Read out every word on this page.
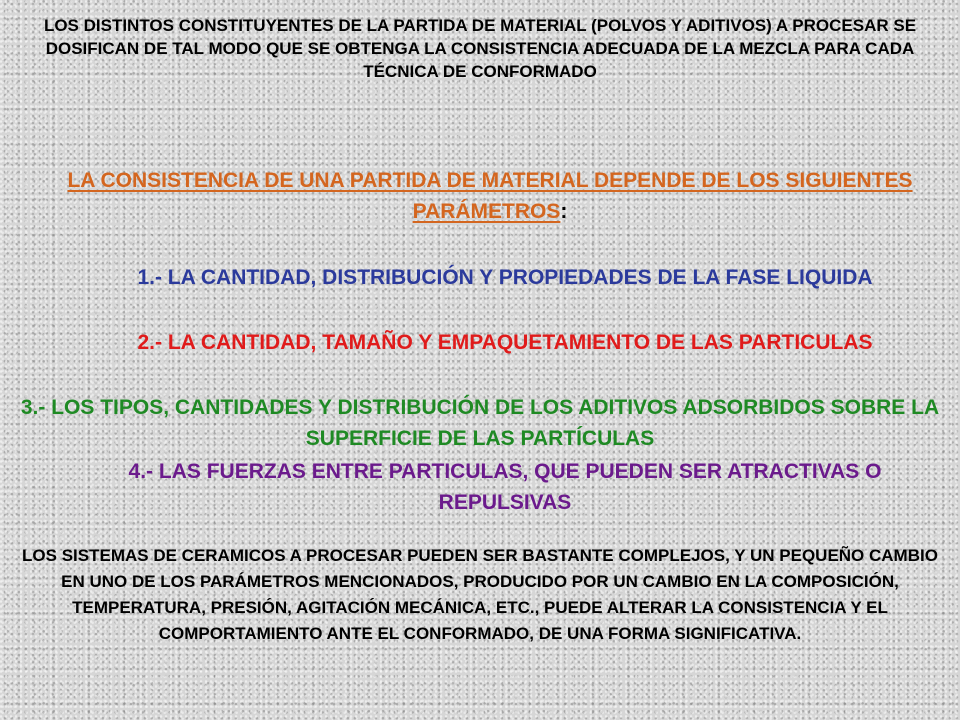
LOS DISTINTOS CONSTITUYENTES DE LA PARTIDA DE MATERIAL (POLVOS Y ADITIVOS) A PROCESAR SE DOSIFICAN DE TAL MODO QUE SE OBTENGA LA CONSISTENCIA ADECUADA DE LA MEZCLA PARA CADA TÉCNICA DE CONFORMADO

LA CONSISTENCIA DE UNA PARTIDA DE MATERIAL DEPENDE DE LOS SIGUIENTES PARÁMETROS:

1.- LA CANTIDAD, DISTRIBUCIÓN Y PROPIEDADES DE LA FASE LIQUIDA

2.- LA CANTIDAD, TAMAÑO Y EMPAQUETAMIENTO DE LAS PARTICULAS

3.- LOS TIPOS, CANTIDADES Y DISTRIBUCIÓN DE LOS ADITIVOS ADSORBIDOS SOBRE LA SUPERFICIE DE LAS PARTÍCULAS

4.- LAS FUERZAS ENTRE PARTICULAS, QUE PUEDEN SER ATRACTIVAS O REPULSIVAS

LOS SISTEMAS DE CERAMICOS A PROCESAR PUEDEN SER BASTANTE COMPLEJOS, Y UN PEQUEÑO CAMBIO EN UNO DE LOS PARÁMETROS MENCIONADOS, PRODUCIDO POR UN CAMBIO EN LA COMPOSICIÓN, TEMPERATURA, PRESIÓN, AGITACIÓN MECÁNICA, ETC., PUEDE ALTERAR LA CONSISTENCIA Y EL COMPORTAMIENTO ANTE EL CONFORMADO, DE UNA FORMA SIGNIFICATIVA.
